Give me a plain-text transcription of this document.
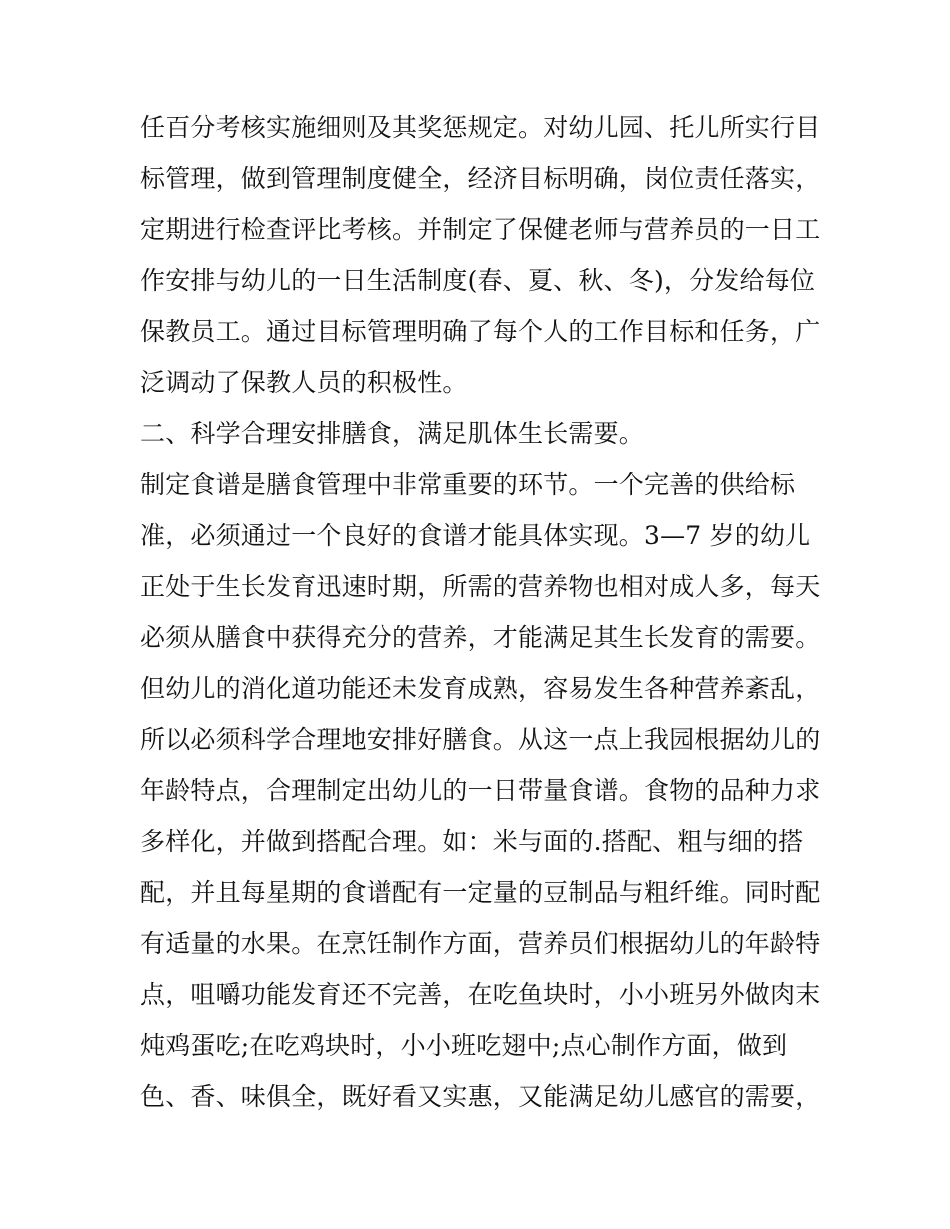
任百分考核实施细则及其奖惩规定。对幼儿园、托儿所实行目
标管理，做到管理制度健全，经济目标明确，岗位责任落实，
定期进行检查评比考核。并制定了保健老师与营养员的一日工
作安排与幼儿的一日生活制度(春、夏、秋、冬)，分发给每位
保教员工。通过目标管理明确了每个人的工作目标和任务，广
泛调动了保教人员的积极性。
二、科学合理安排膳食，满足肌体生长需要。
制定食谱是膳食管理中非常重要的环节。一个完善的供给标
准，必须通过一个良好的食谱才能具体实现。3—7 岁的幼儿
正处于生长发育迅速时期，所需的营养物也相对成人多，每天
必须从膳食中获得充分的营养，才能满足其生长发育的需要。
但幼儿的消化道功能还未发育成熟，容易发生各种营养紊乱，
所以必须科学合理地安排好膳食。从这一点上我园根据幼儿的
年龄特点，合理制定出幼儿的一日带量食谱。食物的品种力求
多样化，并做到搭配合理。如：米与面的.搭配、粗与细的搭
配，并且每星期的食谱配有一定量的豆制品与粗纤维。同时配
有适量的水果。在烹饪制作方面，营养员们根据幼儿的年龄特
点，咀嚼功能发育还不完善，在吃鱼块时，小小班另外做肉末
炖鸡蛋吃;在吃鸡块时，小小班吃翅中;点心制作方面，做到
色、香、味俱全，既好看又实惠，又能满足幼儿感官的需要，
